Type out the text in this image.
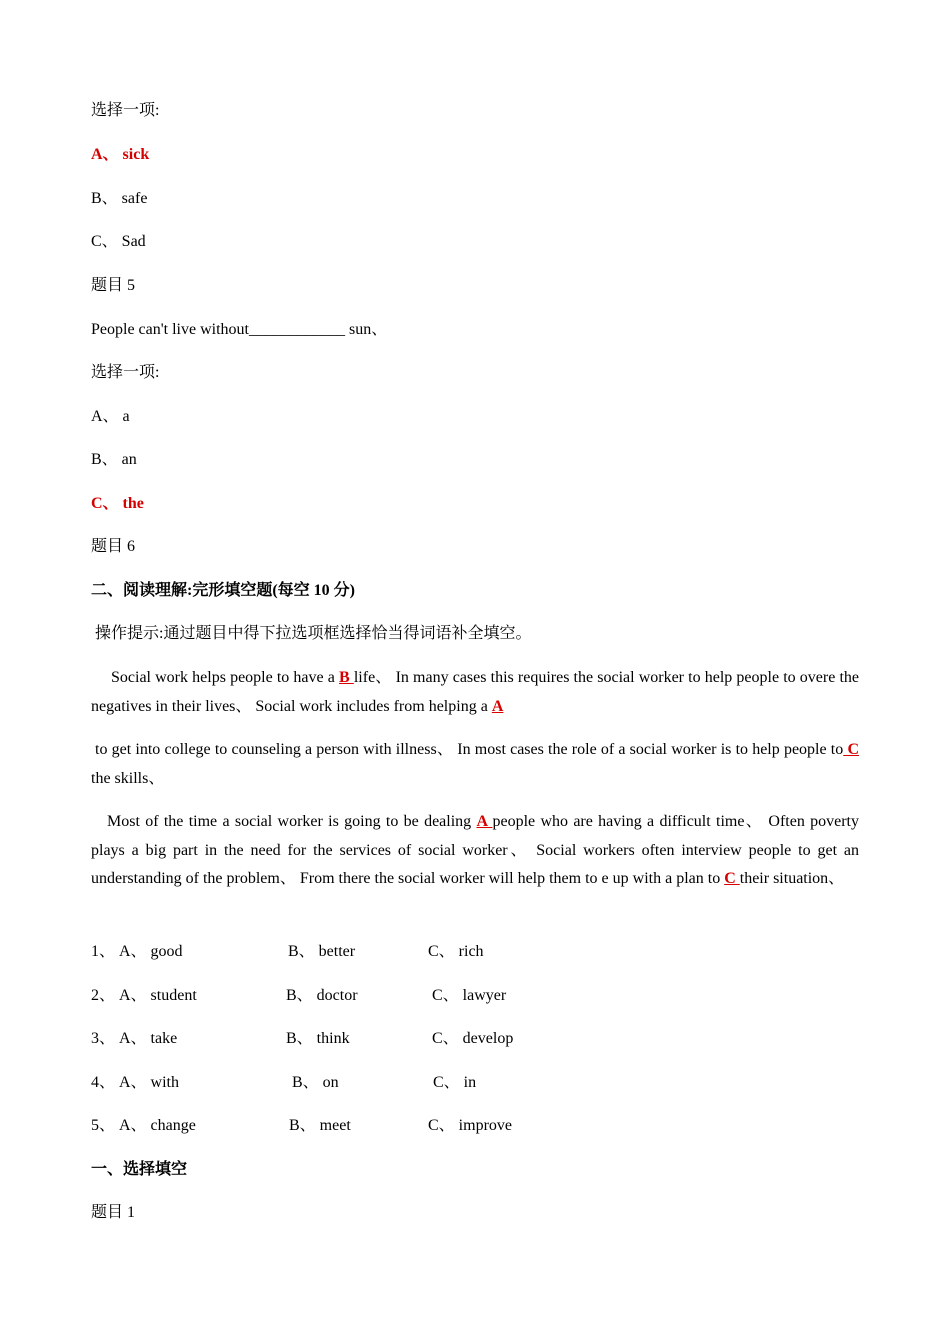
选择一项:
A、 sick
B、 safe
C、 Sad
题目 5
People can't live without____________ sun、
选择一项:
A、 a
B、 an
C、 the
题目 6
二、阅读理解:完形填空题(每空 10 分)
操作提示:通过题目中得下拉选项框选择恰当得词语补全填空。
Social work helps people to have a B life、 In many cases this requires the social worker to help people to overe the negatives in their lives、 Social work includes from helping a A
to get into college to counseling a person with illness、 In most cases the role of a social worker is to help people to C the skills、
Most of the time a social worker is going to be dealing A people who are having a difficult time、 Often poverty plays a big part in the need for the services of social worker、 Social workers often interview people to get an understanding of the problem、 From there the social worker will help them to e up with a plan to C their situation、
1、 A、 good	B、 better	C、 rich
2、 A、 student	B、 doctor	C、 lawyer
3、 A、 take	B、 think	C、 develop
4、 A、 with	B、 on	C、 in
5、 A、 change	B、 meet	C、 improve
一、选择填空
题目 1
